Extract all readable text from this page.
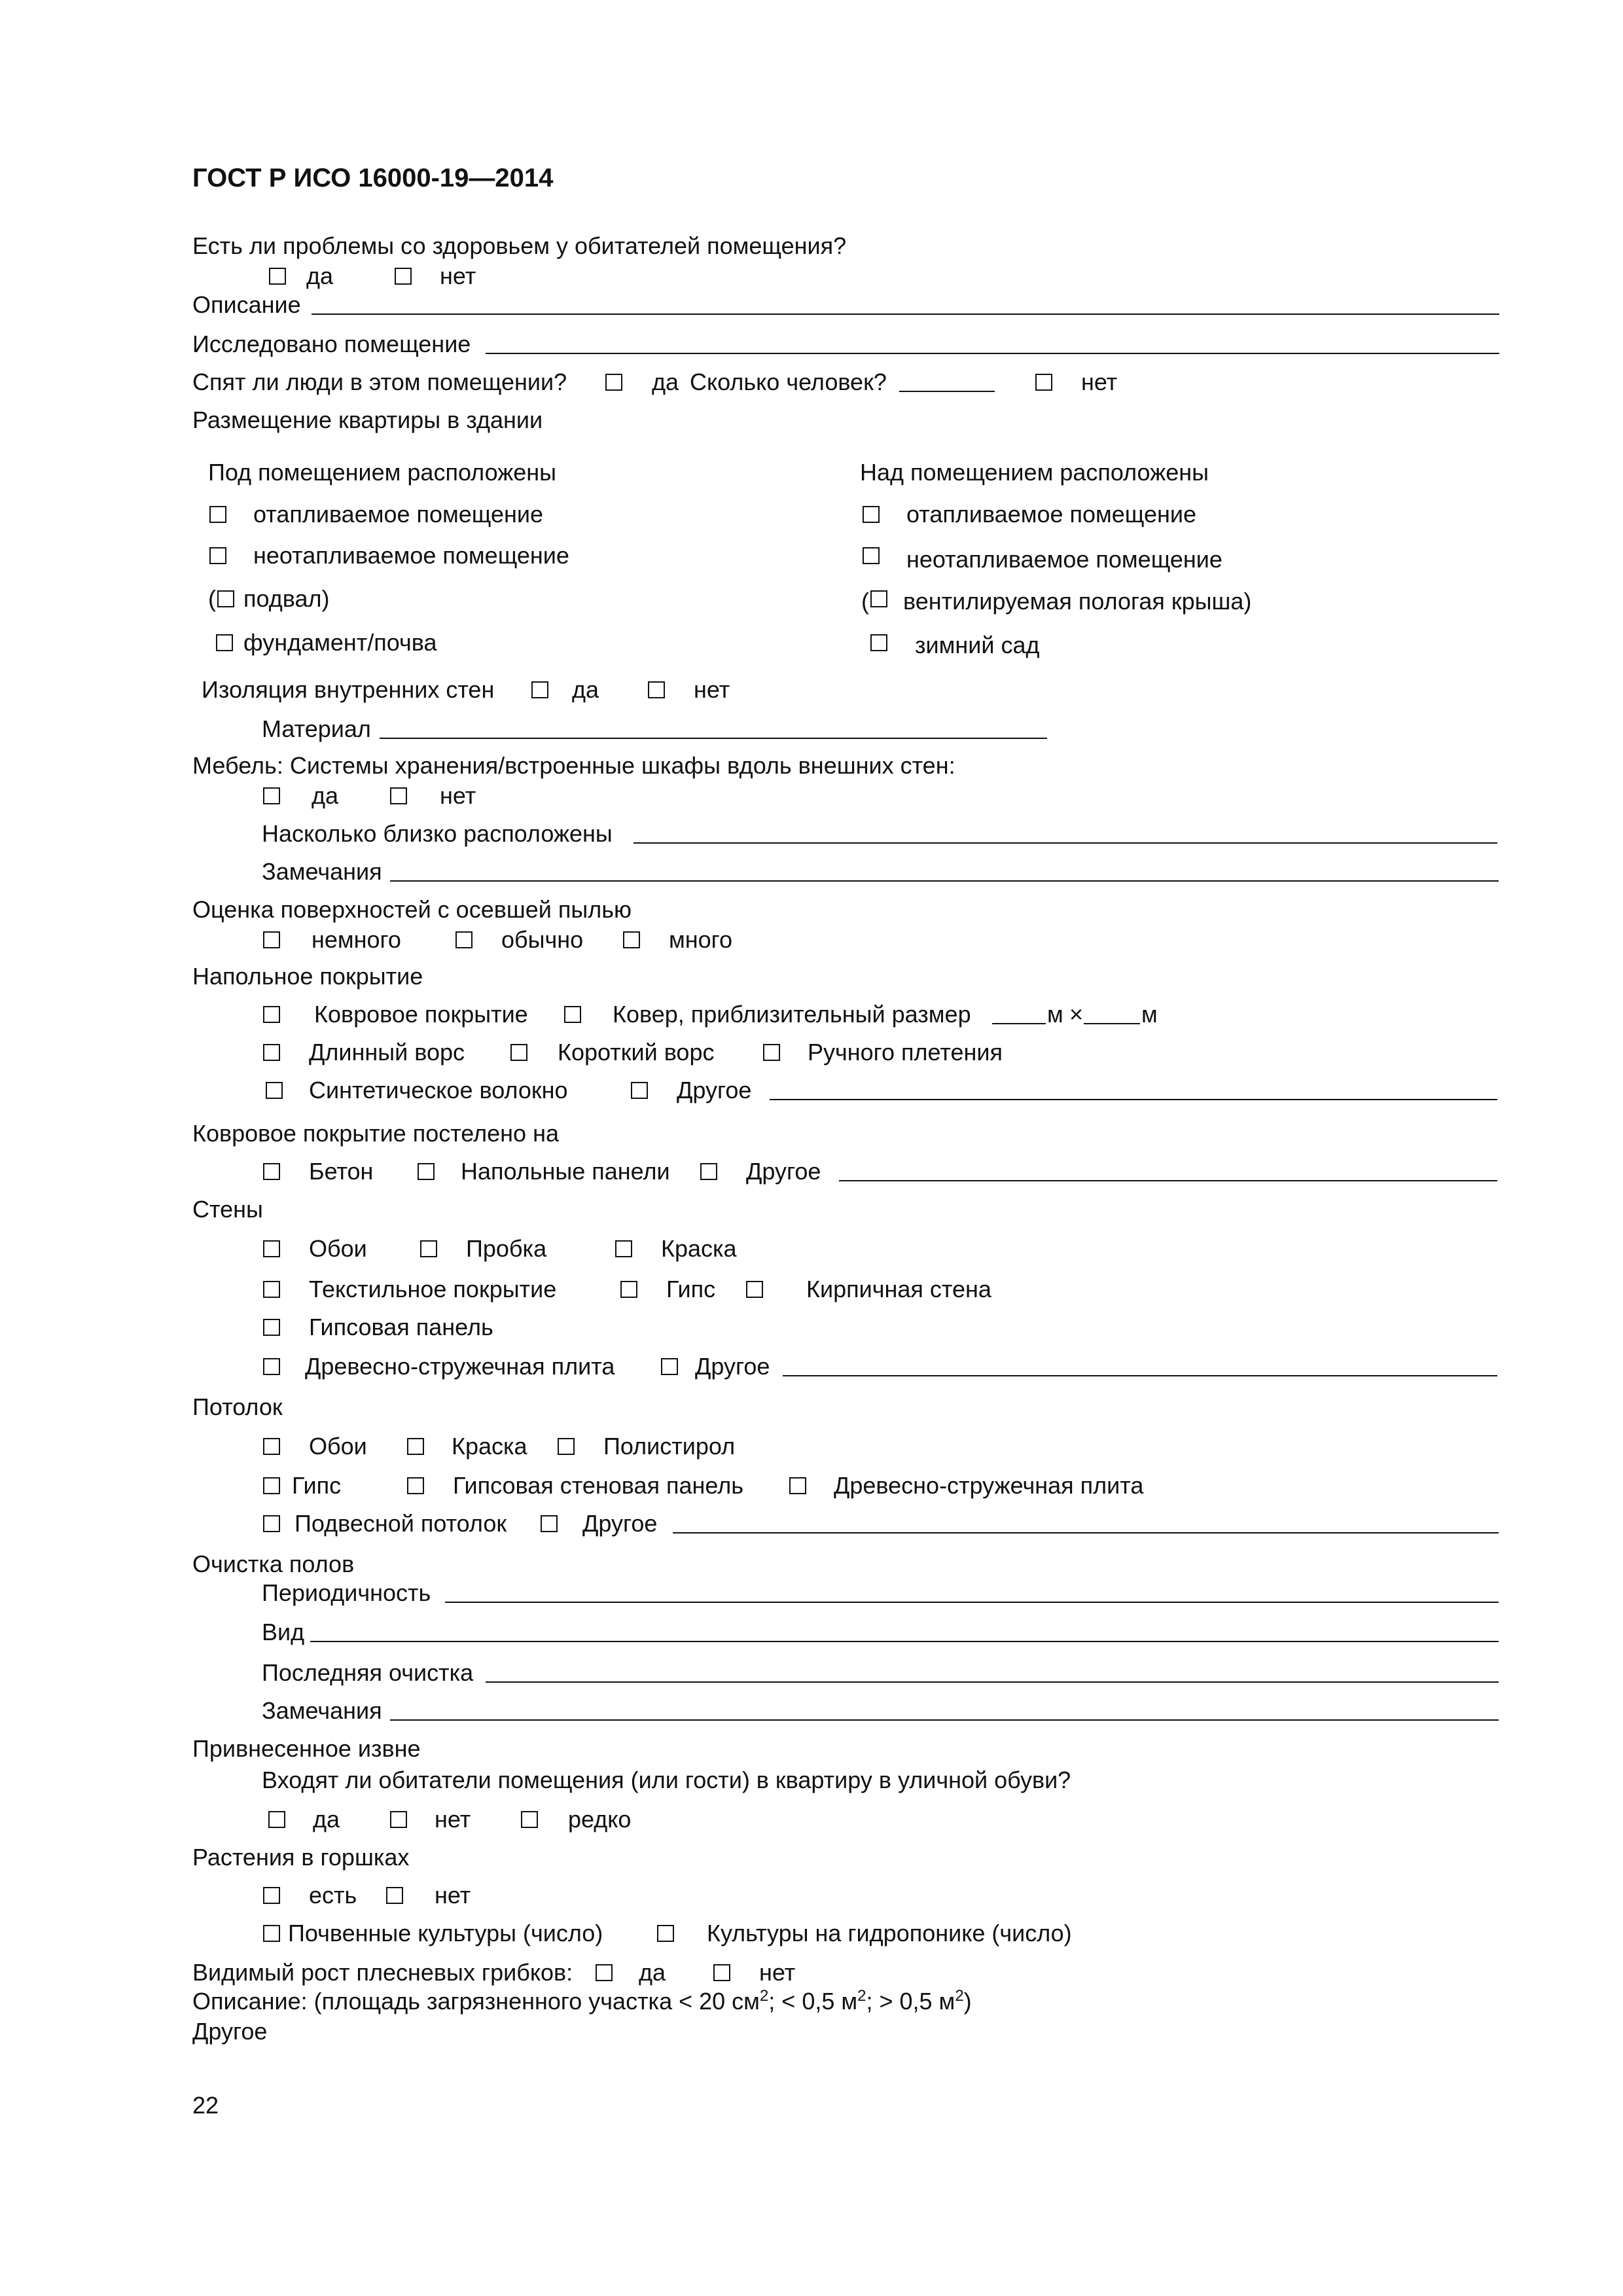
ГОСТ Р ИСО 16000-19—2014
Есть ли проблемы со здоровьем у обитателей помещения?
да	нет
Описание
Исследовано помещение
Спят ли люди в этом помещении?	да Сколько человек?	нет
Размещение квартиры в здании
Под помещением расположены	Над помещением расположены
отапливаемое помещение	отапливаемое помещение
неотапливаемое помещение	неотапливаемое помещение
( подвал)	( вентилируемая пологая крыша)
фундамент/почва	зимний сад
Изоляция внутренних стен	да	нет
Материал
Мебель: Системы хранения/встроенные шкафы вдоль внешних стен:
да	нет
Насколько близко расположены
Замечания
Оценка поверхностей с осевшей пылью
немного	обычно	много
Напольное покрытие
Ковровое покрытие	Ковер, приблизительный размер	м × м
Длинный ворс	Короткий ворс	Ручного плетения
Синтетическое волокно	Другое
Ковровое покрытие постелено на
Бетон	Напольные панели	Другое
Стены
Обои	Пробка	Краска
Текстильное покрытие	Гипс	Кирпичная стена
Гипсовая панель
Древесно-стружечная плита	Другое
Потолок
Обои	Краска	Полистирол
Гипс	Гипсовая стеновая панель	Древесно-стружечная плита
Подвесной потолок	Другое
Очистка полов
Периодичность
Вид
Последняя очистка
Замечания
Привнесенное извне
Входят ли обитатели помещения (или гости) в квартиру в уличной обуви?
да	нет	редко
Растения в горшках
есть	нет
Почвенные культуры (число)	Культуры на гидропонике (число)
Видимый рост плесневых грибков:	да	нет
Описание: (площадь загрязненного участка < 20 $см^2$; < 0,5 $м^2$; > 0,5 $м^2$)
Другое
22
